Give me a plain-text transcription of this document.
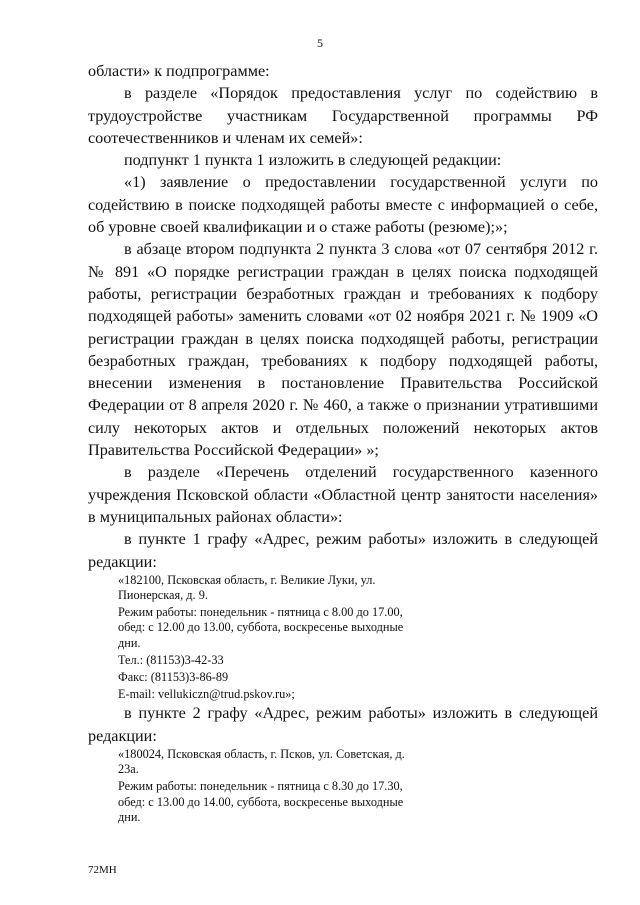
5

области» к подпрограмме:

в разделе «Порядок предоставления услуг по содействию в трудоустройстве участникам Государственной программы РФ соотечественников и членам их семей»:

подпункт 1 пункта 1 изложить в следующей редакции:

«1) заявление о предоставлении государственной услуги по содействию в поиске подходящей работы вместе с информацией о себе, об уровне своей квалификации и о стаже работы (резюме);»;

в абзаце втором подпункта 2 пункта 3 слова «от 07 сентября 2012 г. № 891 «О порядке регистрации граждан в целях поиска подходящей работы, регистрации безработных граждан и требованиях к подбору подходящей работы» заменить словами «от 02 ноября 2021 г. № 1909 «О регистрации граждан в целях поиска подходящей работы, регистрации безработных граждан, требованиях к подбору подходящей работы, внесении изменения в постановление Правительства Российской Федерации от 8 апреля 2020 г. № 460, а также о признании утратившими силу некоторых актов и отдельных положений некоторых актов Правительства Российской Федерации» »;

в разделе «Перечень отделений государственного казенного учреждения Псковской области «Областной центр занятости населения» в муниципальных районах области»:

в пункте 1 графу «Адрес, режим работы» изложить в следующей редакции:

«182100, Псковская область, г. Великие Луки, ул. Пионерская, д. 9.

Режим работы: понедельник - пятница с 8.00 до 17.00, обед: с 12.00 до 13.00, суббота, воскресенье выходные дни.

Тел.: (81153)3-42-33

Факс: (81153)3-86-89

E-mail: vellukiczn@trud.pskov.ru»;

в пункте 2 графу «Адрес, режим работы» изложить в следующей редакции:

«180024, Псковская область, г. Псков, ул. Советская, д. 23а.

Режим работы: понедельник - пятница с 8.30 до 17.30, обед: с 13.00 до 14.00, суббота, воскресенье выходные дни.

72МН
